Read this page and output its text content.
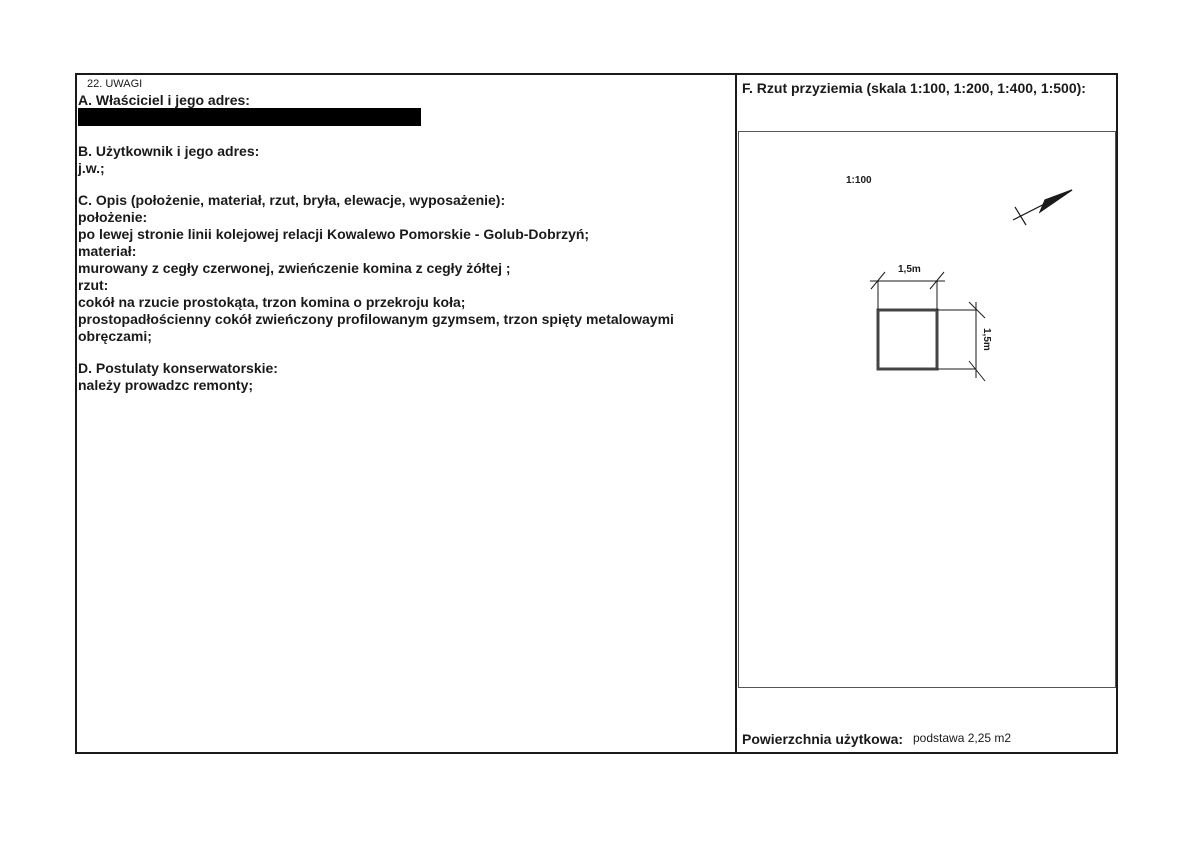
22. UWAGI
A. Właściciel i jego adres:
B. Użytkownik i jego adres:
j.w.;
C. Opis (położenie, materiał, rzut, bryła, elewacje, wyposażenie):
położenie:
po lewej stronie linii kolejowej relacji Kowalewo Pomorskie - Golub-Dobrzyń;
materiał:
murowany z cegły czerwonej, zwieńczenie komina z cegły żółtej ;
rzut:
cokół na rzucie prostokąta, trzon komina o przekroju koła;
prostopadłościenny cokół zwieńczony profilowanym gzymsem, trzon spięty metalowaymi
obręczami;
D. Postulaty konserwatorskie:
należy prowadzc remonty;
F. Rzut przyziemia (skala 1:100, 1:200, 1:400, 1:500):
1:100
1,5m
1,5m
Powierzchnia użytkowa: podstawa 2,25 m2
